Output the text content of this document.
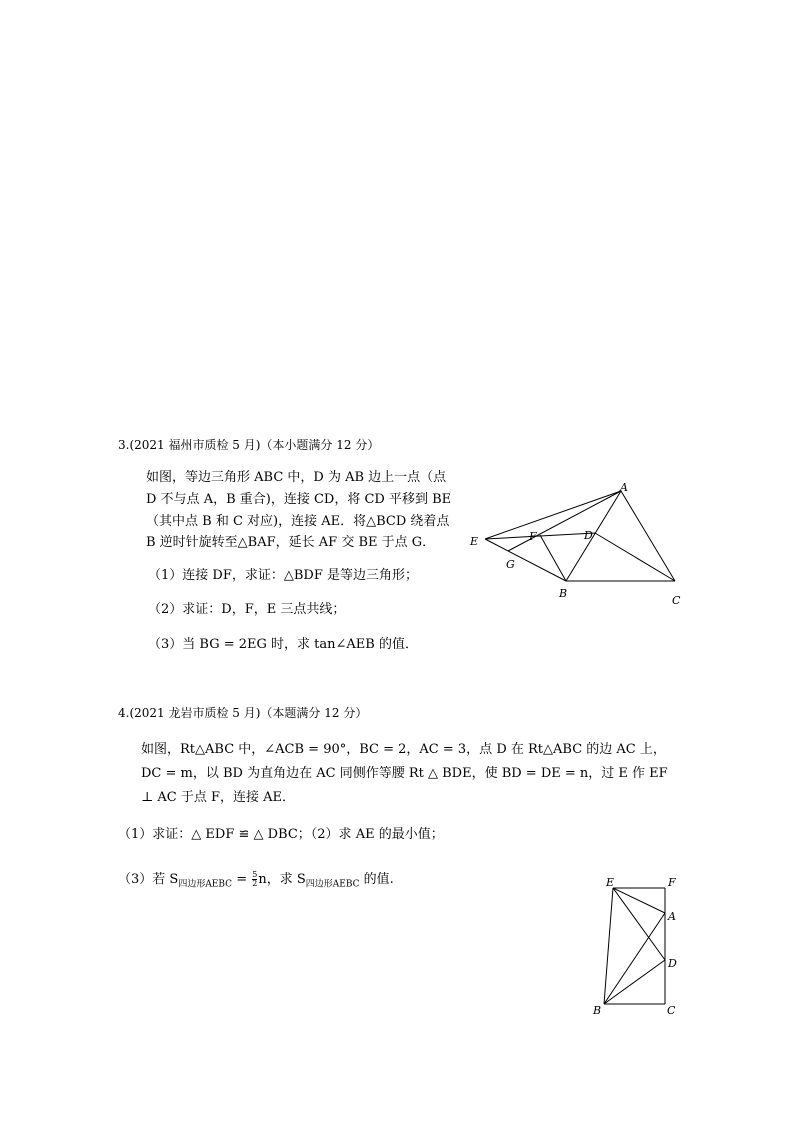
3.(2021 福州市质检 5 月)（本小题满分 12 分）
如图，等边三角形 ABC 中，D 为 AB 边上一点（点
D 不与点 A，B 重合)，连接 CD，将 CD 平移到 BE
（其中点 B 和 C 对应)，连接 AE．将△BCD 绕着点
B 逆时针旋转至△BAF，延长 AF 交 BE 于点 G．
（1）连接 DF，求证：△BDF 是等边三角形；
（2）求证：D，F，E 三点共线；
（3）当 BG = 2EG 时，求 tan∠AEB 的值．
A
B
C
D
E	F
G
4.(2021 龙岩市质检 5 月)（本题满分 12 分）
如图，Rt△ABC 中，∠ACB = 90°，BC = 2，AC = 3，点 D 在 Rt△ABC 的边 AC 上，
DC = m，以 BD 为直角边在 AC 同侧作等腰 Rt △ BDE，使 BD = DE = n，过 E 作 EF
⊥ AC 于点 F，连接 AE．
（1）求证：△ EDF ≌ △ DBC；（2）求 AE 的最小值；
（3）若 $S_{四边形AEBC} = \frac{5}{2}$ n，求 $S_{四边形AEBC}$ 的值.	E	F
A
D
B	C
